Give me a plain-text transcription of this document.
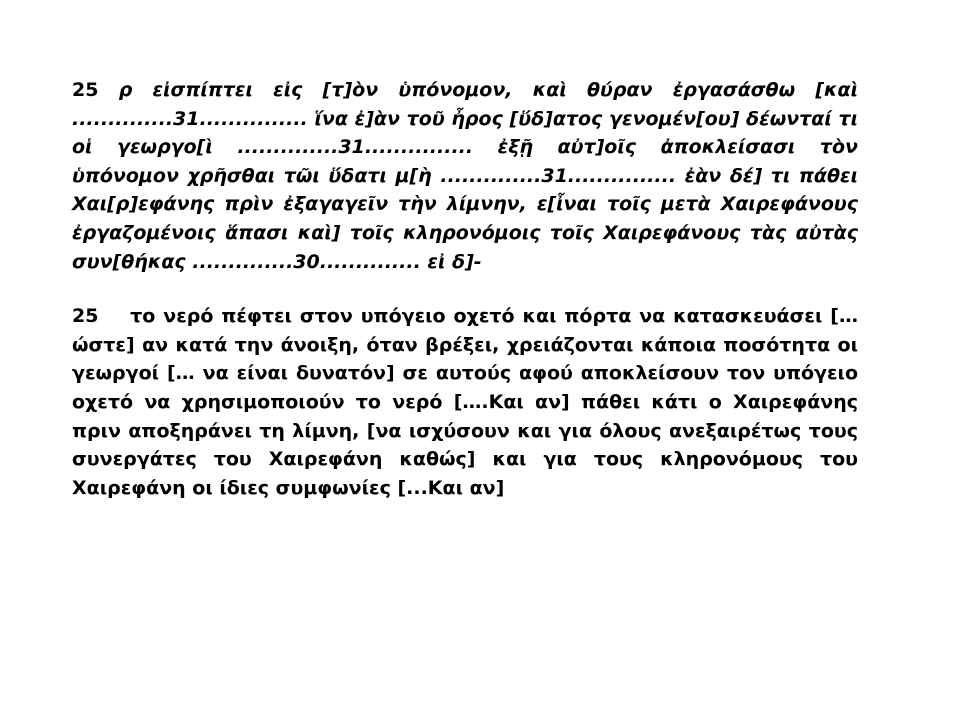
25 ρ εἰσπίπτει εἰς [τ]ὸν ὑπόνομον, καὶ θύραν ἐργασάσθω [καὶ ..............31............... ἵνα ἐ]ὰν τοῦ ἦρος [ὕδ]ατος γενομέν[ου] δέωνταί τι οἱ γεωργο[ὶ ..............31............... ἐξῇ αὐτ]οῖς ἀποκλείσασι τὸν ὑπόνομον χρῆσθαι τῶι ὕδατι μ[ὴ ..............31............... ἐὰν δέ] τι πάθει Χαι[ρ]εφάνης πρὶν ἐξαγαγεῖν τὴν λίμνην, ε[ἶναι τοῖς μετὰ Χαιρεφάνους ἐργαζομένοις ἅπασι καὶ] τοῖς κληρονόμοις τοῖς Χαιρεφάνους τὰς αὐτὰς συν[θήκας ..............30.............. εἰ δ]-

25    το νερό πέφτει στον υπόγειο οχετό και πόρτα να κατασκευάσει [… ώστε] αν κατά την άνοιξη, όταν βρέξει, χρειάζονται κάποια ποσότητα οι γεωργοί [… να είναι δυνατόν] σε αυτούς αφού αποκλείσουν τον υπόγειο οχετό να χρησιμοποιούν το νερό [….Και αν] πάθει κάτι ο Χαιρεφάνης πριν αποξηράνει τη λίμνη, [να ισχύσουν και για όλους ανεξαιρέτως τους συνεργάτες του Χαιρεφάνη καθώς] και για τους κληρονόμους του Χαιρεφάνη οι ίδιες συμφωνίες [...Και αν]
